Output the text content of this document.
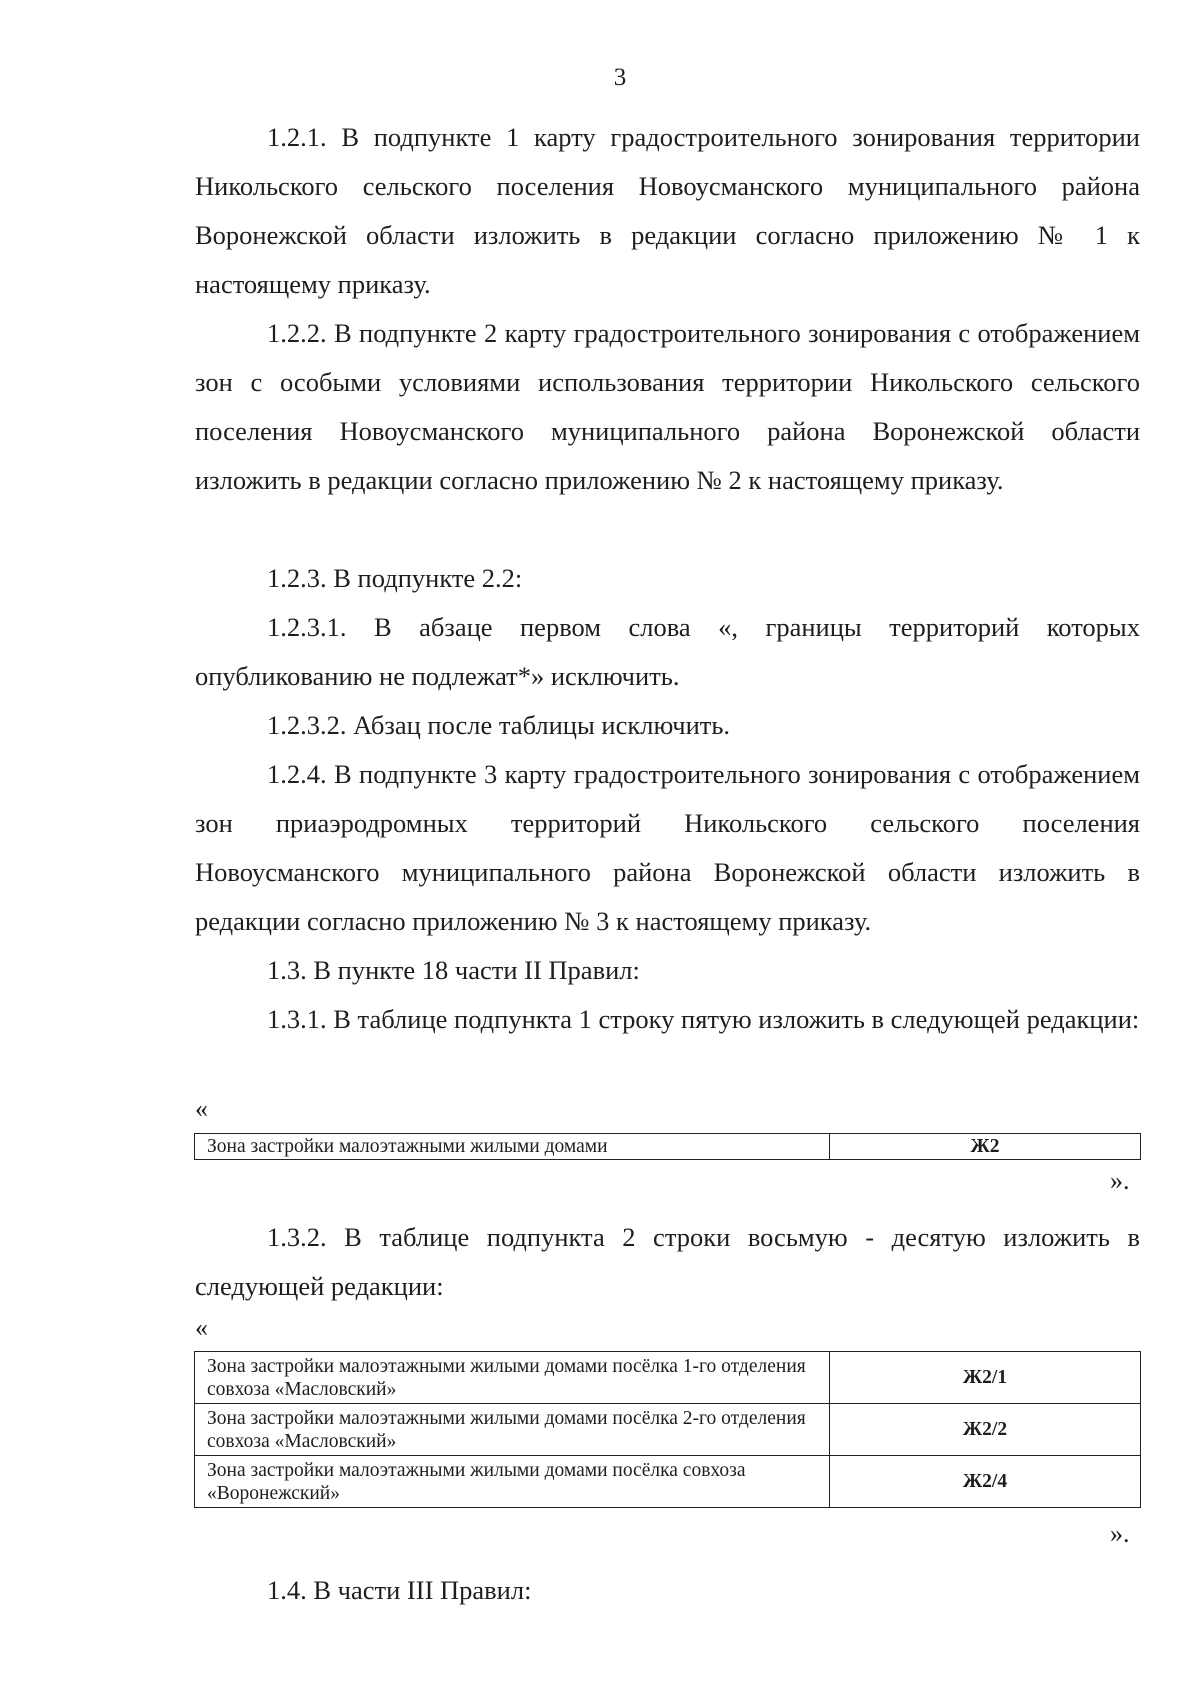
3

1.2.1. В подпункте 1 карту градостроительного зонирования территории Никольского сельского поселения Новоусманского муниципального района Воронежской области изложить в редакции согласно приложению № 1 к настоящему приказу.

1.2.2. В подпункте 2 карту градостроительного зонирования с отображением зон с особыми условиями использования территории Никольского сельского поселения Новоусманского муниципального района Воронежской области изложить в редакции согласно приложению № 2 к настоящему приказу.

1.2.3. В подпункте 2.2:

1.2.3.1. В абзаце первом слова «, границы территорий которых опубликованию не подлежат*» исключить.

1.2.3.2. Абзац после таблицы исключить.

1.2.4. В подпункте 3 карту градостроительного зонирования с отображением зон приаэродромных территорий Никольского сельского поселения Новоусманского муниципального района Воронежской области изложить в редакции согласно приложению № 3 к настоящему приказу.

1.3. В пункте 18 части II Правил:

1.3.1. В таблице подпункта 1 строку пятую изложить в следующей редакции:

«
Зона застройки малоэтажными жилыми домами	Ж2
».

1.3.2. В таблице подпункта 2 строки восьмую - десятую изложить в следующей редакции:

«
Зона застройки малоэтажными жилыми домами посёлка 1-го отделения совхоза «Масловский»	Ж2/1
Зона застройки малоэтажными жилыми домами посёлка 2-го отделения совхоза «Масловский»	Ж2/2
Зона застройки малоэтажными жилыми домами посёлка совхоза «Воронежский»	Ж2/4
».

1.4. В части III Правил:
